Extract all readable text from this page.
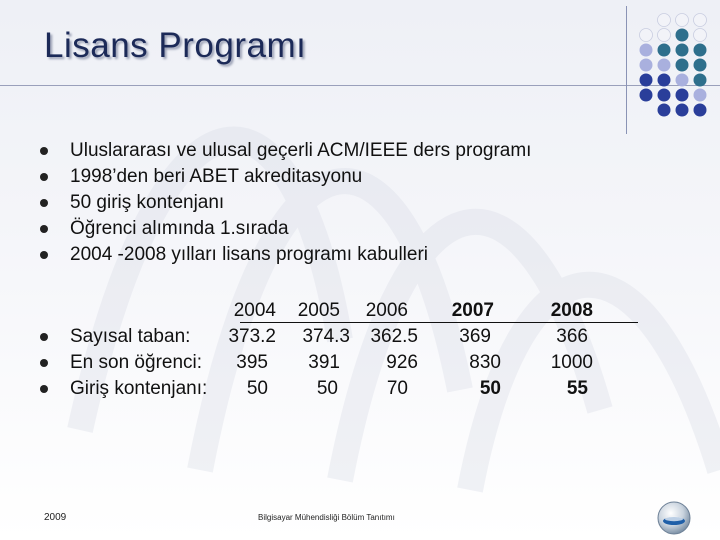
Lisans Programı
Uluslararası ve ulusal geçerli ACM/IEEE ders programı
1998’den beri ABET akreditasyonu
50 giriş kontenjanı
Öğrenci alımında 1.sırada
2004 -2008 yılları lisans programı kabulleri
2004	2005	2006	2007	2008
Sayısal taban: 373.2	374.3	362.5	369	366
En son öğrenci:	395	391	926	830	1000
Giriş kontenjanı:	50	50	70	50	55
2009	Bilgisayar Mühendisliği Bölüm Tanıtımı
